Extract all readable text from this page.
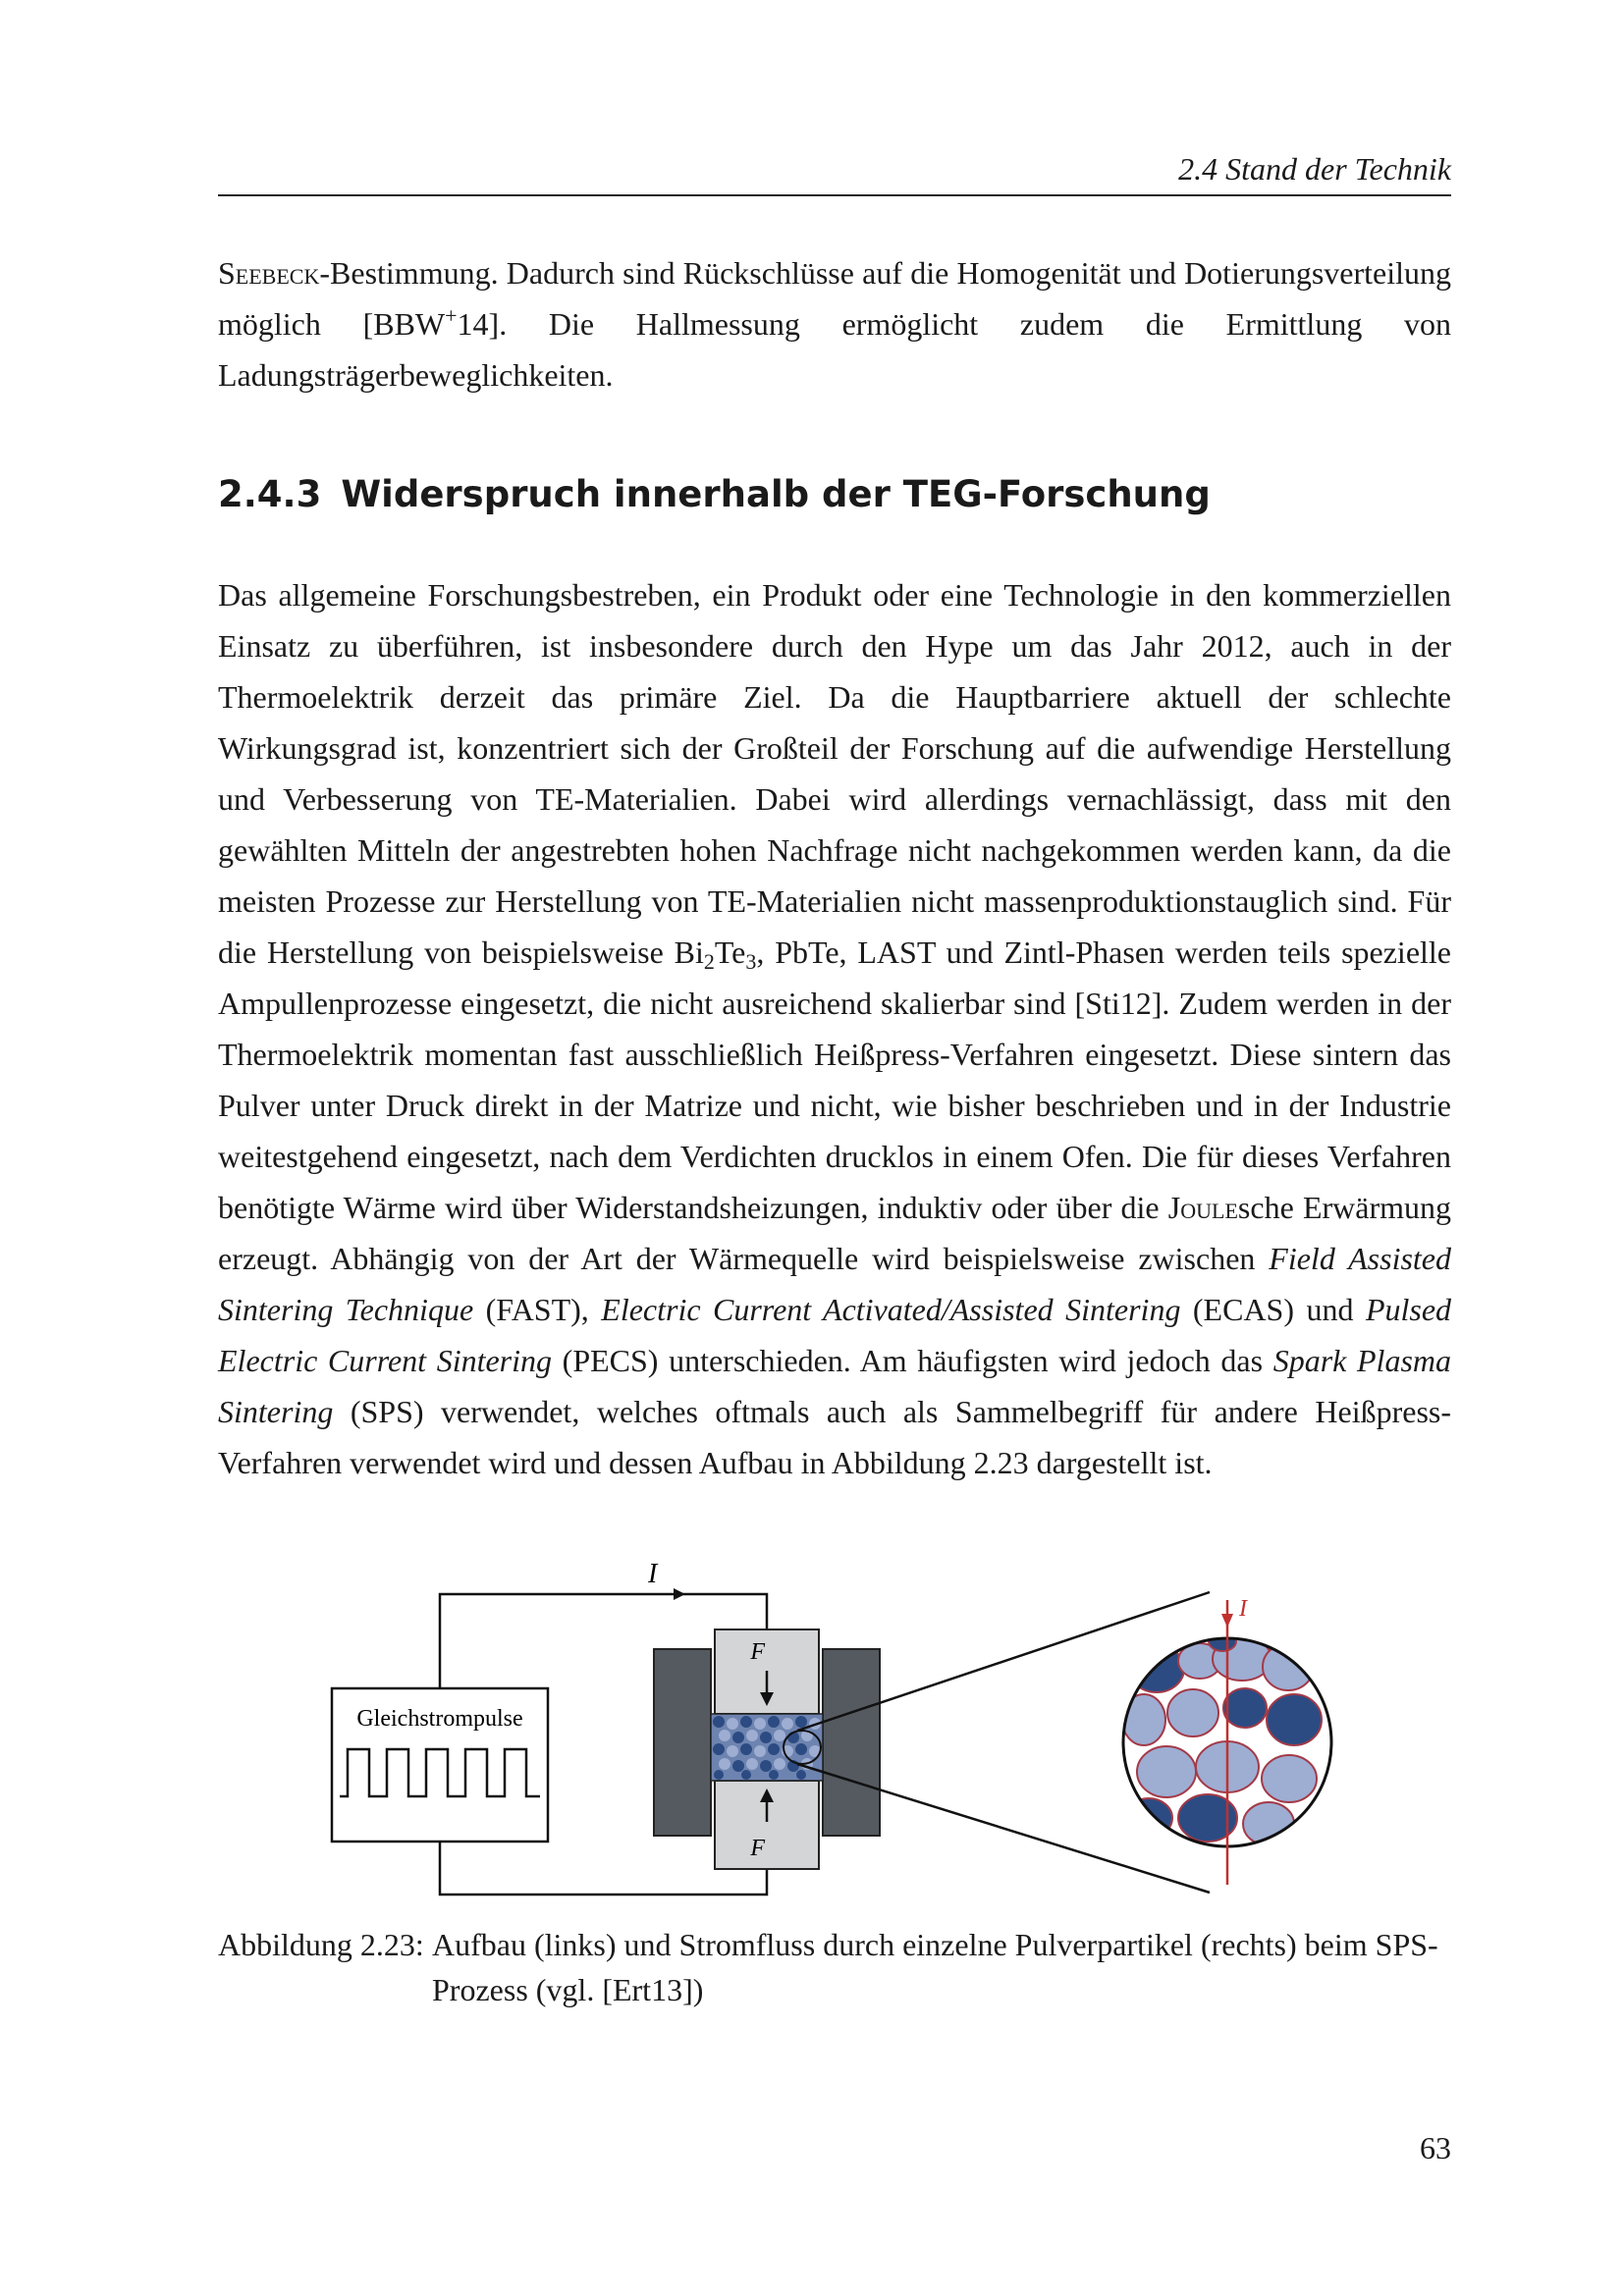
2.4 Stand der Technik

Seebeck-Bestimmung. Dadurch sind Rückschlüsse auf die Homogenität und Dotierungsverteilung möglich [BBW+14]. Die Hallmessung ermöglicht zudem die Ermittlung von Ladungsträgerbeweglichkeiten.

2.4.3 Widerspruch innerhalb der TEG-Forschung

Das allgemeine Forschungsbestreben, ein Produkt oder eine Technologie in den kommerziellen Einsatz zu überführen, ist insbesondere durch den Hype um das Jahr 2012, auch in der Thermoelektrik derzeit das primäre Ziel. Da die Hauptbarriere aktuell der schlechte Wirkungsgrad ist, konzentriert sich der Großteil der Forschung auf die aufwendige Herstellung und Verbesserung von TE-Materialien. Dabei wird allerdings vernachlässigt, dass mit den gewählten Mitteln der angestrebten hohen Nachfrage nicht nachgekommen werden kann, da die meisten Prozesse zur Herstellung von TE-Materialien nicht massenproduktionstauglich sind. Für die Herstellung von beispielsweise $Bi_2Te_3$, PbTe, LAST und Zintl-Phasen werden teils spezielle Ampullenprozesse eingesetzt, die nicht ausreichend skalierbar sind [Sti12]. Zudem werden in der Thermoelektrik momentan fast ausschließlich Heißpress-Verfahren eingesetzt. Diese sintern das Pulver unter Druck direkt in der Matrize und nicht, wie bisher beschrieben und in der Industrie weitestgehend eingesetzt, nach dem Verdichten drucklos in einem Ofen. Die für dieses Verfahren benötigte Wärme wird über Widerstandsheizungen, induktiv oder über die Joulesche Erwärmung erzeugt. Abhängig von der Art der Wärmequelle wird beispielsweise zwischen Field Assisted Sintering Technique (FAST), Electric Current Activated/Assisted Sintering (ECAS) und Pulsed Electric Current Sintering (PECS) unterschieden. Am häufigsten wird jedoch das Spark Plasma Sintering (SPS) verwendet, welches oftmals auch als Sammelbegriff für andere Heißpress-Verfahren verwendet wird und dessen Aufbau in Abbildung 2.23 dargestellt ist.

I
Gleichstrompulse
F⃗
F⃗
I
Abbildung 2.23: Aufbau (links) und Stromfluss durch einzelne Pulverpartikel (rechts) beim SPS-Prozess (vgl. [Ert13])
63
